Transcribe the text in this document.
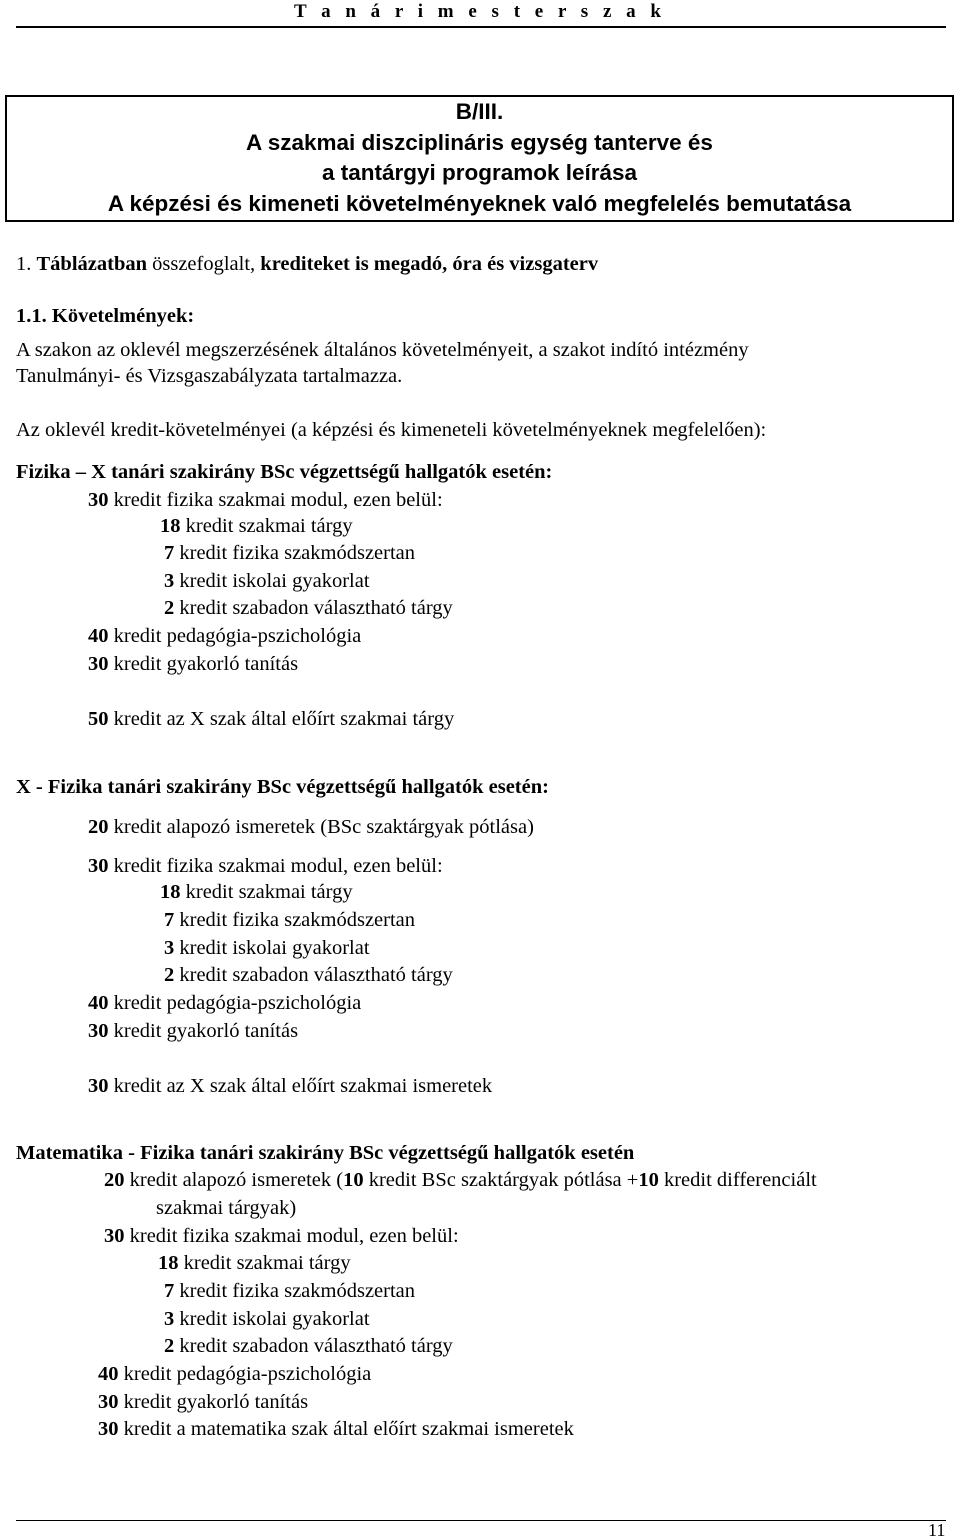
T a n á r i m e s t e r s z a k
B/III.
A szakmai diszciplináris egység tanterve és
a tantárgyi programok leírása
A képzési és kimeneti követelményeknek való megfelelés bemutatása
1. Táblázatban összefoglalt, krediteket is megadó, óra és vizsgaterv
1.1. Követelmények:
A szakon az oklevél megszerzésének általános követelményeit, a szakot indító intézmény
Tanulmányi- és Vizsgaszabályzata tartalmazza.
Az oklevél kredit-követelményei (a képzési és kimeneteli követelményeknek megfelelően):
Fizika – X tanári szakirány BSc végzettségű hallgatók esetén:
30 kredit fizika szakmai modul, ezen belül:
18 kredit szakmai tárgy
7 kredit fizika szakmódszertan
3 kredit iskolai gyakorlat
2 kredit szabadon választható tárgy
40 kredit pedagógia-pszichológia
30 kredit gyakorló tanítás
50 kredit az X szak által előírt szakmai tárgy
X - Fizika tanári szakirány BSc végzettségű hallgatók esetén:
20 kredit alapozó ismeretek (BSc szaktárgyak pótlása)
30 kredit fizika szakmai modul, ezen belül:
18 kredit szakmai tárgy
7 kredit fizika szakmódszertan
3 kredit iskolai gyakorlat
2 kredit szabadon választható tárgy
40 kredit pedagógia-pszichológia
30 kredit gyakorló tanítás
30 kredit az X szak által előírt szakmai ismeretek
Matematika - Fizika tanári szakirány BSc végzettségű hallgatók esetén
20 kredit alapozó ismeretek (10 kredit BSc szaktárgyak pótlása +10 kredit differenciált
szakmai tárgyak)
30 kredit fizika szakmai modul, ezen belül:
18 kredit szakmai tárgy
7 kredit fizika szakmódszertan
3 kredit iskolai gyakorlat
2 kredit szabadon választható tárgy
40 kredit pedagógia-pszichológia
30 kredit gyakorló tanítás
30 kredit a matematika szak által előírt szakmai ismeretek
11
